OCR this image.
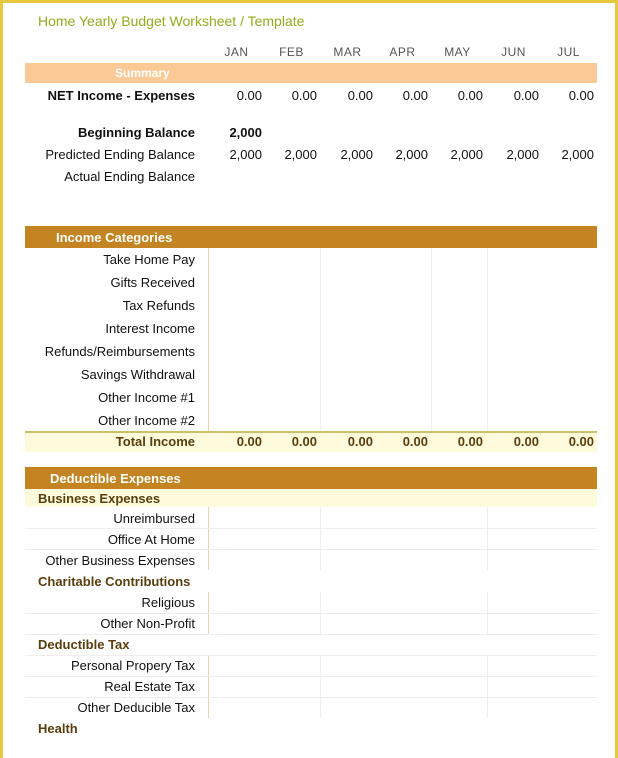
Home Yearly Budget Worksheet / Template
JAN	FEB	MAR	APR	MAY	JUN	JUL
Summary
NET Income - Expenses	0.00	0.00	0.00	0.00	0.00	0.00	0.00
Beginning Balance	2,000
Predicted Ending Balance	2,000	2,000	2,000	2,000	2,000	2,000	2,000
Actual Ending Balance
Income Categories
Take Home Pay
Gifts Received
Tax Refunds
Interest Income
Refunds/Reimbursements
Savings Withdrawal
Other Income #1
Other Income #2
Total Income	0.00	0.00	0.00	0.00	0.00	0.00	0.00
Deductible Expenses
Business Expenses
Unreimbursed
Office At Home
Other Business Expenses
Charitable Contributions
Religious
Other Non-Profit
Deductible Tax
Personal Propery Tax
Real Estate Tax
Other Deducible Tax
Health
